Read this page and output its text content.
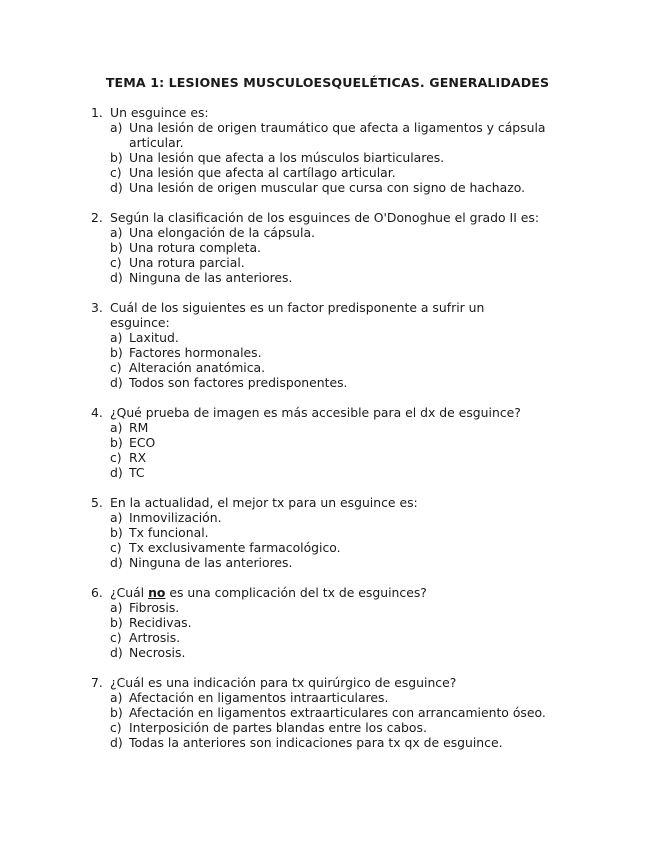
TEMA 1: LESIONES MUSCULOESQUELÉTICAS. GENERALIDADES
1. Un esguince es:
a) Una lesión de origen traumático que afecta a ligamentos y cápsula articular.
b) Una lesión que afecta a los músculos biarticulares.
c) Una lesión que afecta al cartílago articular.
d) Una lesión de origen muscular que cursa con signo de hachazo.
2. Según la clasificación de los esguinces de O'Donoghue el grado II es:
a) Una elongación de la cápsula.
b) Una rotura completa.
c) Una rotura parcial.
d) Ninguna de las anteriores.
3. Cuál de los siguientes es un factor predisponente a sufrir un esguince:
a) Laxitud.
b) Factores hormonales.
c) Alteración anatómica.
d) Todos son factores predisponentes.
4. ¿Qué prueba de imagen es más accesible para el dx de esguince?
a) RM
b) ECO
c) RX
d) TC
5. En la actualidad, el mejor tx para un esguince es:
a) Inmovilización.
b) Tx funcional.
c) Tx exclusivamente farmacológico.
d) Ninguna de las anteriores.
6. ¿Cuál no es una complicación del tx de esguinces?
a) Fibrosis.
b) Recidivas.
c) Artrosis.
d) Necrosis.
7. ¿Cuál es una indicación para tx quirúrgico de esguince?
a) Afectación en ligamentos intraarticulares.
b) Afectación en ligamentos extraarticulares con arrancamiento óseo.
c) Interposición de partes blandas entre los cabos.
d) Todas la anteriores son indicaciones para tx qx de esguince.
